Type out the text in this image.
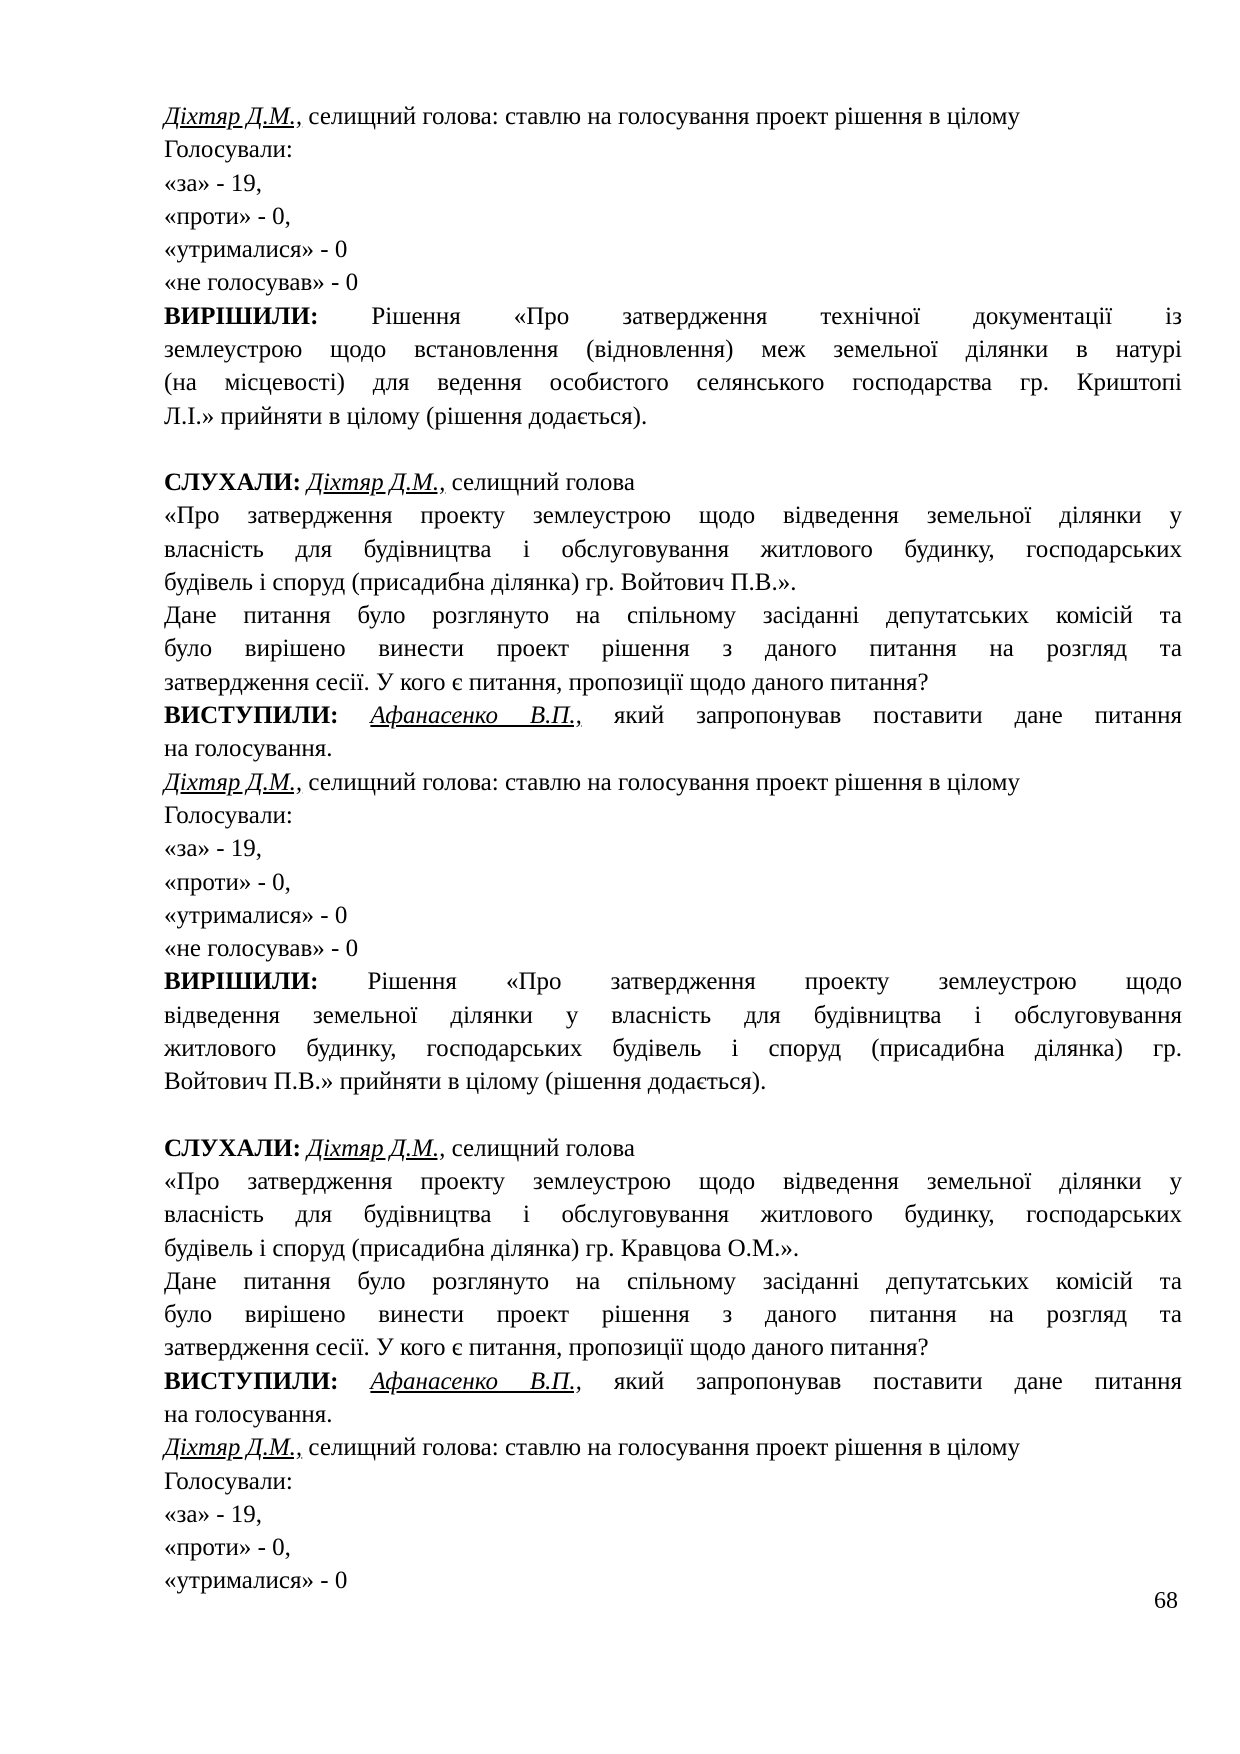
Діхтяр Д.М., селищний голова: ставлю на голосування проект рішення в цілому
Голосували:
«за» - 19,
«проти» - 0,
«утрималися» - 0
«не голосував» - 0
ВИРІШИЛИ: Рішення «Про затвердження технічної документації із
землеустрою щодо встановлення (відновлення) меж земельної ділянки в натурі
(на місцевості) для ведення особистого селянського господарства гр. Криштопі
Л.І.» прийняти в цілому (рішення додається).
СЛУХАЛИ: Діхтяр Д.М., селищний голова
«Про затвердження проекту землеустрою щодо відведення земельної ділянки у
власність для будівництва і обслуговування житлового будинку, господарських
будівель і споруд (присадибна ділянка) гр. Войтович П.В.».
Дане питання було розглянуто на спільному засіданні депутатських комісій та
було вирішено винести проект рішення з даного питання на розгляд та
затвердження сесії. У кого є питання, пропозиції щодо даного питання?
ВИСТУПИЛИ: Афанасенко В.П., який запропонував поставити дане питання
на голосування.
Діхтяр Д.М., селищний голова: ставлю на голосування проект рішення в цілому
Голосували:
«за» - 19,
«проти» - 0,
«утрималися» - 0
«не голосував» - 0
ВИРІШИЛИ: Рішення «Про затвердження проекту землеустрою щодо
відведення земельної ділянки у власність для будівництва і обслуговування
житлового будинку, господарських будівель і споруд (присадибна ділянка) гр.
Войтович П.В.» прийняти в цілому (рішення додається).
СЛУХАЛИ: Діхтяр Д.М., селищний голова
«Про затвердження проекту землеустрою щодо відведення земельної ділянки у
власність для будівництва і обслуговування житлового будинку, господарських
будівель і споруд (присадибна ділянка) гр. Кравцова О.М.».
Дане питання було розглянуто на спільному засіданні депутатських комісій та
було вирішено винести проект рішення з даного питання на розгляд та
затвердження сесії. У кого є питання, пропозиції щодо даного питання?
ВИСТУПИЛИ: Афанасенко В.П., який запропонував поставити дане питання
на голосування.
Діхтяр Д.М., селищний голова: ставлю на голосування проект рішення в цілому
Голосували:
«за» - 19,
«проти» - 0,
«утрималися» - 0
68
